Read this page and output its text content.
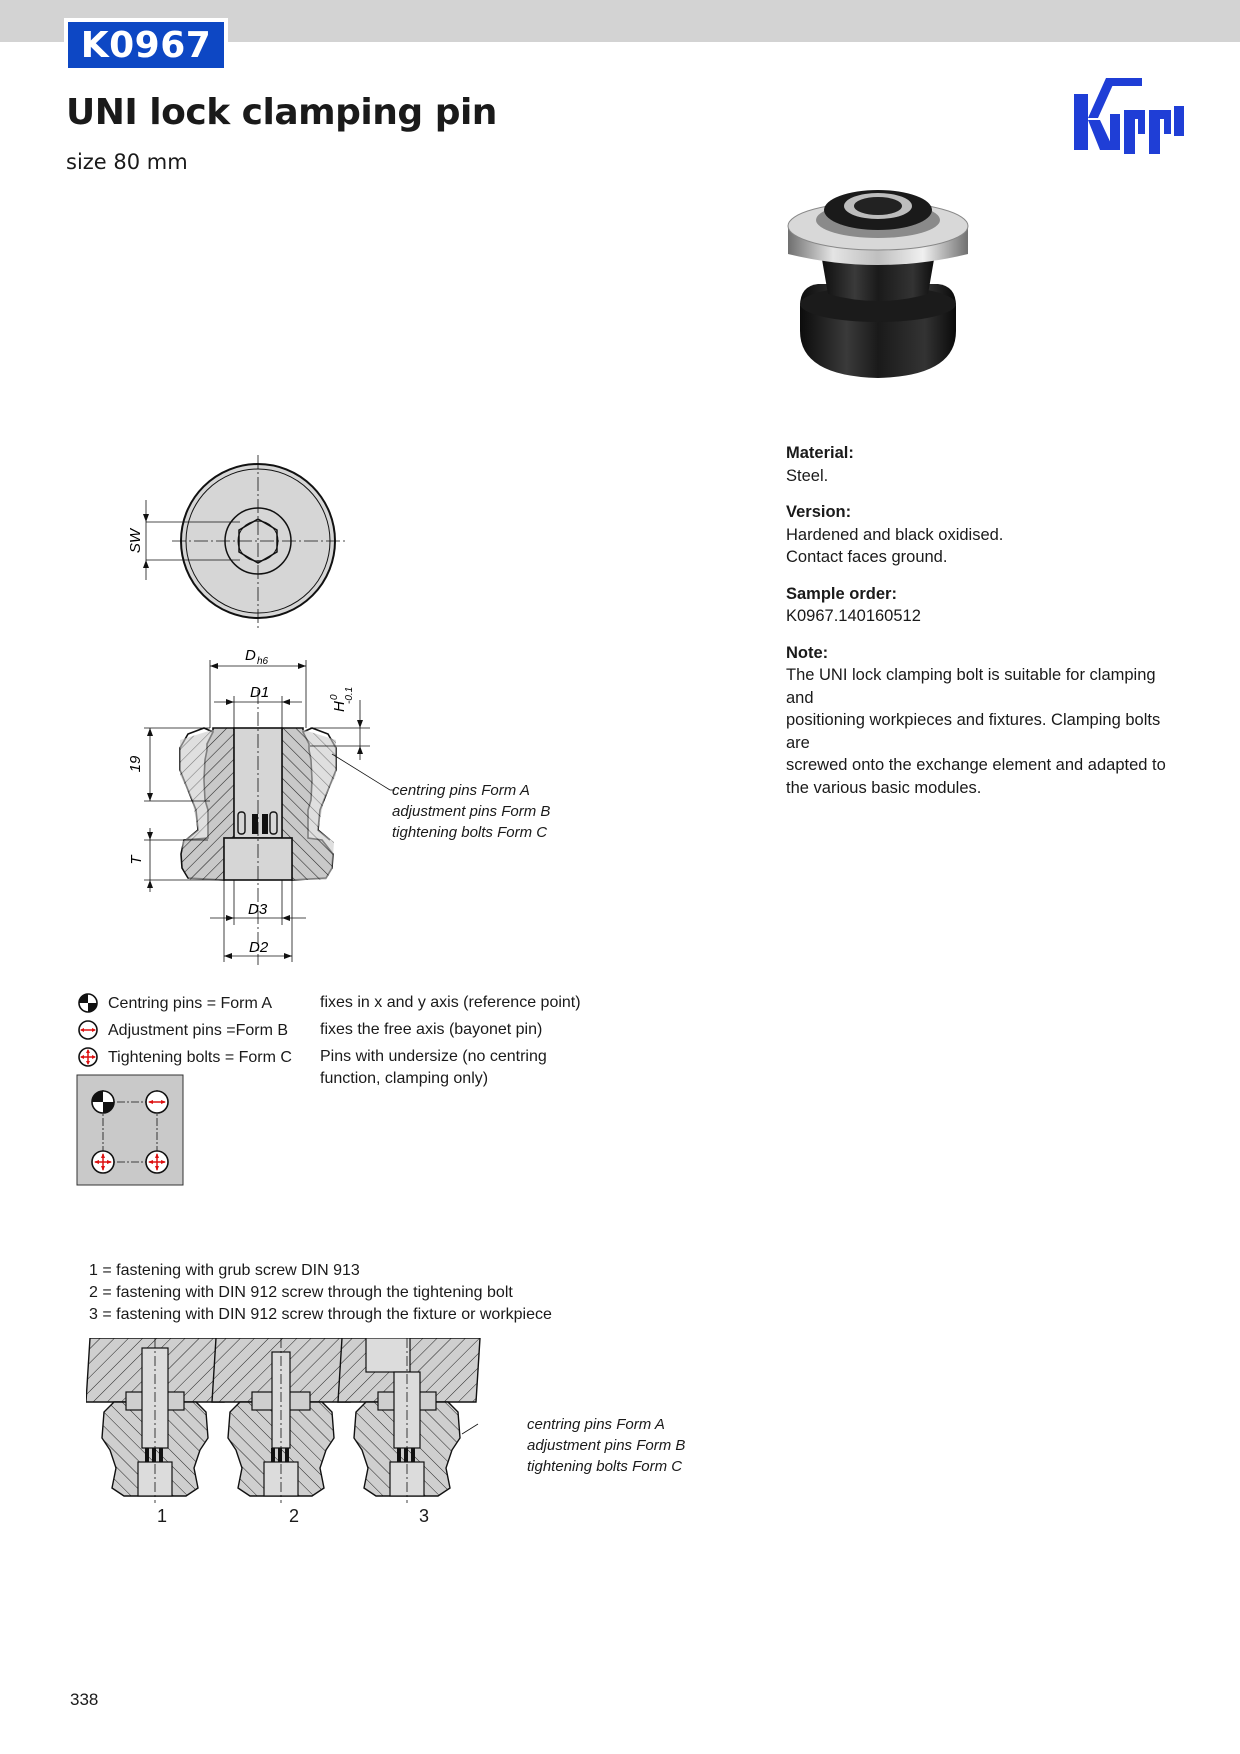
K0967
UNI lock clamping pin
size 80 mm
Material:
Steel.
Version:
Hardened and black oxidised.
Contact faces ground.
Sample order:
K0967.140160512
Note:
The UNI lock clamping bolt is suitable for clamping and
positioning workpieces and fixtures. Clamping bolts are
screwed onto the exchange element and adapted to
the various basic modules.
SW
D h6
D1
H
0 -0.1
19
T
D3
D2
centring pins Form A
adjustment pins Form B
tightening bolts Form C
Centring pins = Form A	fixes in x and y axis (reference point)
Adjustment pins =Form B	fixes the free axis (bayonet pin)
Tightening bolts = Form C	Pins with undersize (no centring function, clamping only)
1 = fastening with grub screw DIN 913
2 = fastening with DIN 912 screw through the tightening bolt
3 = fastening with DIN 912 screw through the fixture or workpiece
centring pins Form A
adjustment pins Form B
tightening bolts Form C
1	2	3
338
